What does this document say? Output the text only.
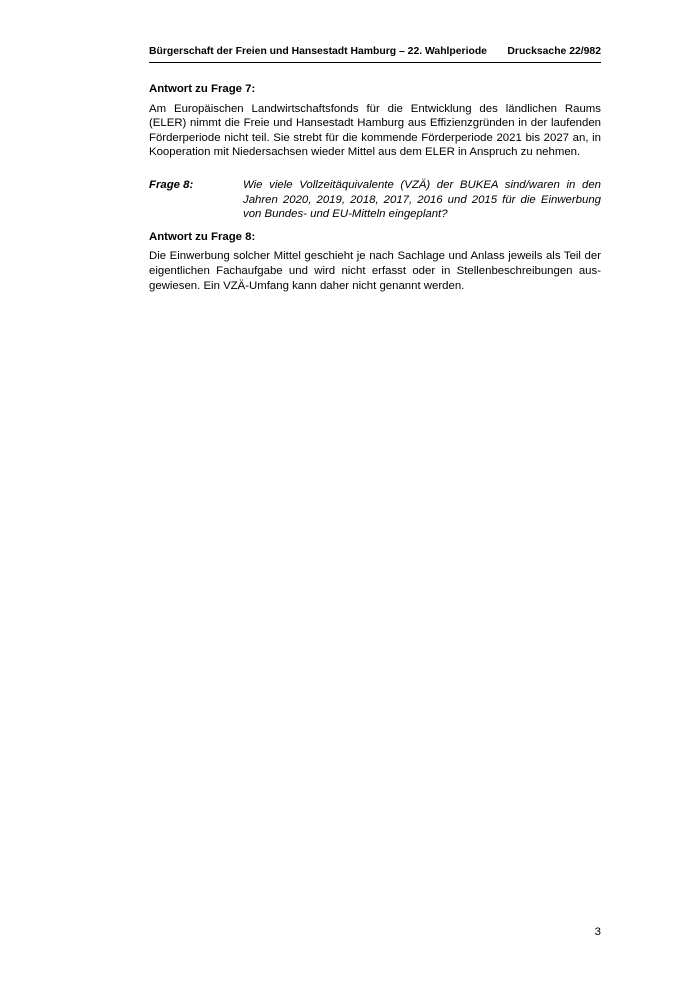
Bürgerschaft der Freien und Hansestadt Hamburg – 22. Wahlperiode Drucksache 22/982

Antwort zu Frage 7:

Am Europäischen Landwirtschaftsfonds für die Entwicklung des ländlichen Raums (ELER) nimmt die Freie und Hansestadt Hamburg aus Effizienzgründen in der laufenden Förderperiode nicht teil. Sie strebt für die kommende Förderperiode 2021 bis 2027 an, in Kooperation mit Niedersachsen wieder Mittel aus dem ELER in Anspruch zu nehmen.

Frage 8:	Wie viele Vollzeitäquivalente (VZÄ) der BUKEA sind/waren in den Jahren 2020, 2019, 2018, 2017, 2016 und 2015 für die Einwerbung von Bundes- und EU-Mitteln eingeplant?

Antwort zu Frage 8:

Die Einwerbung solcher Mittel geschieht je nach Sachlage und Anlass jeweils als Teil der eigentlichen Fachaufgabe und wird nicht erfasst oder in Stellenbeschreibungen ausgewiesen. Ein VZÄ-Umfang kann daher nicht genannt werden.

3
